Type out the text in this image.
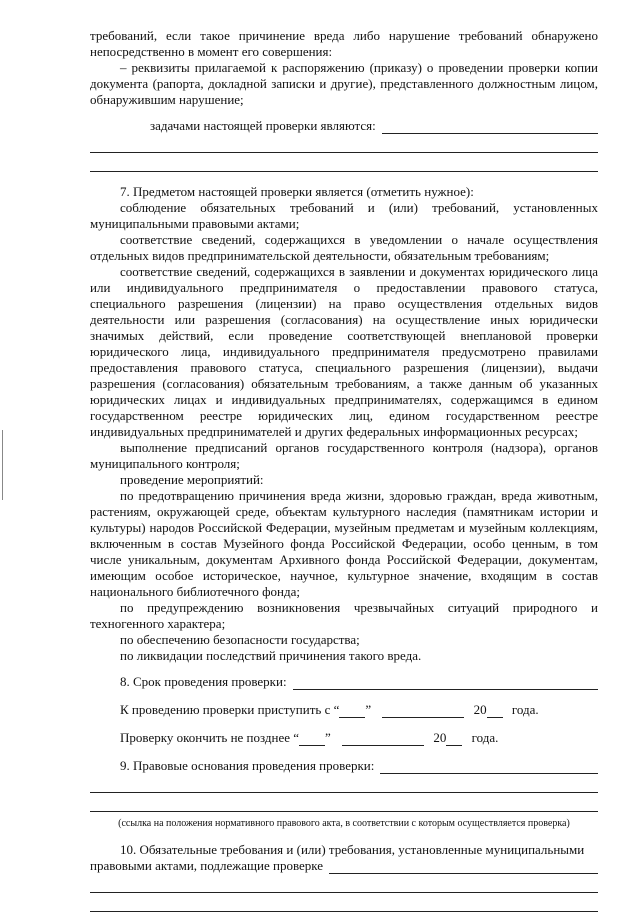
требований, если такое причинение вреда либо нарушение требований обнаружено непосредственно в момент его совершения:

– реквизиты прилагаемой к распоряжению (приказу) о проведении проверки копии документа (рапорта, докладной записки и другие), представленного должностным лицом, обнаружившим нарушение;

задачами настоящей проверки являются:

7. Предметом настоящей проверки является (отметить нужное):

соблюдение обязательных требований и (или) требований, установленных муниципальными правовыми актами;

соответствие сведений, содержащихся в уведомлении о начале осуществления отдельных видов предпринимательской деятельности, обязательным требованиям;

соответствие сведений, содержащихся в заявлении и документах юридического лица или индивидуального предпринимателя о предоставлении правового статуса, специального разрешения (лицензии) на право осуществления отдельных видов деятельности или разрешения (согласования) на осуществление иных юридически значимых действий, если проведение соответствующей внеплановой проверки юридического лица, индивидуального предпринимателя предусмотрено правилами предоставления правового статуса, специального разрешения (лицензии), выдачи разрешения (согласования) обязательным требованиям, а также данным об указанных юридических лицах и индивидуальных предпринимателях, содержащимся в едином государственном реестре юридических лиц, едином государственном реестре индивидуальных предпринимателей и других федеральных информационных ресурсах;

выполнение предписаний органов государственного контроля (надзора), органов муниципального контроля;

проведение мероприятий:

по предотвращению причинения вреда жизни, здоровью граждан, вреда животным, растениям, окружающей среде, объектам культурного наследия (памятникам истории и культуры) народов Российской Федерации, музейным предметам и музейным коллекциям, включенным в состав Музейного фонда Российской Федерации, особо ценным, в том числе уникальным, документам Архивного фонда Российской Федерации, документам, имеющим особое историческое, научное, культурное значение, входящим в состав национального библиотечного фонда;

по предупреждению возникновения чрезвычайных ситуаций природного и техногенного характера;

по обеспечению безопасности государства;

по ликвидации последствий причинения такого вреда.

8. Срок проведения проверки:
К проведению проверки приступить с “ ”	20 года.
Проверку окончить не позднее “ ”	20 года.
9. Правовые основания проведения проверки:
(ссылка на положения нормативного правового акта, в соответствии с которым осуществляется проверка)
10. Обязательные требования и (или) требования, установленные муниципальными
правовыми актами, подлежащие проверке
